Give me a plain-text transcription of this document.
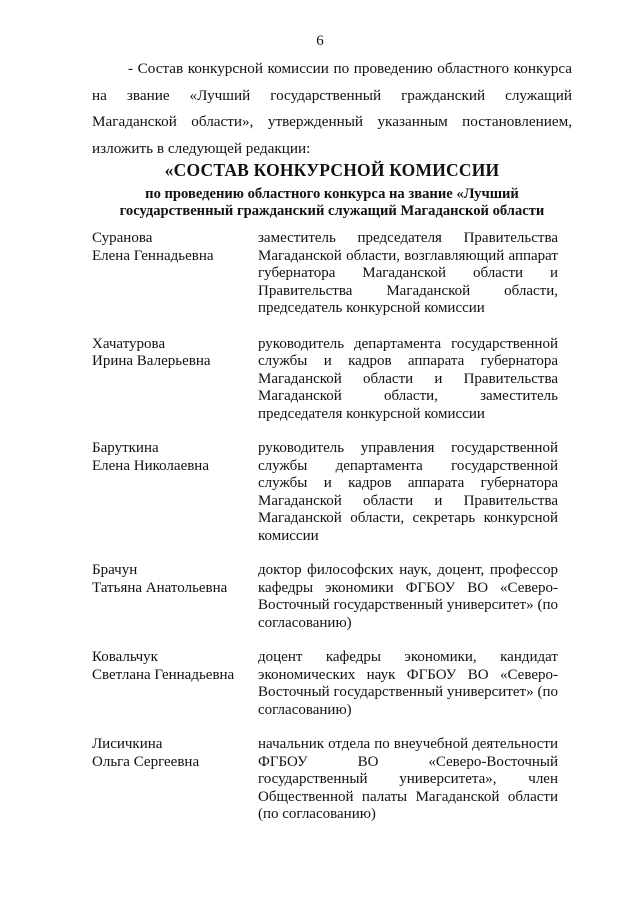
6

- Состав конкурсной комиссии по проведению областного конкурса на звание «Лучший государственный гражданский служащий Магаданской области», утвержденный указанным постановлением, изложить в следующей редакции:

«СОСТАВ КОНКУРСНОЙ КОМИССИИ
по проведению областного конкурса на звание «Лучший государственный гражданский служащий Магаданской области
Суранова
Елена Геннадьевна
заместитель председателя Правительства Магаданской области, возглавляющий аппарат губернатора Магаданской области и Правительства Магаданской области, председатель конкурсной комиссии
Хачатурова
Ирина Валерьевна
руководитель департамента государственной службы и кадров аппарата губернатора Магаданской области и Правительства Магаданской области, заместитель председателя конкурсной комиссии
Баруткина
Елена Николаевна
руководитель управления государственной службы департамента государственной службы и кадров аппарата губернатора Магаданской области и Правительства Магаданской области, секретарь конкурсной комиссии
Брачун
Татьяна Анатольевна
доктор философских наук, доцент, профессор кафедры экономики ФГБОУ ВО «Северо-Восточный государственный университет» (по согласованию)
Ковальчук
Светлана Геннадьевна
доцент кафедры экономики, кандидат экономических наук ФГБОУ ВО «Северо-Восточный государственный университет» (по согласованию)
Лисичкина
Ольга Сергеевна
начальник отдела по внеучебной деятельности ФГБОУ ВО «Северо-Восточный государственный университета», член Общественной палаты Магаданской области (по согласованию)
